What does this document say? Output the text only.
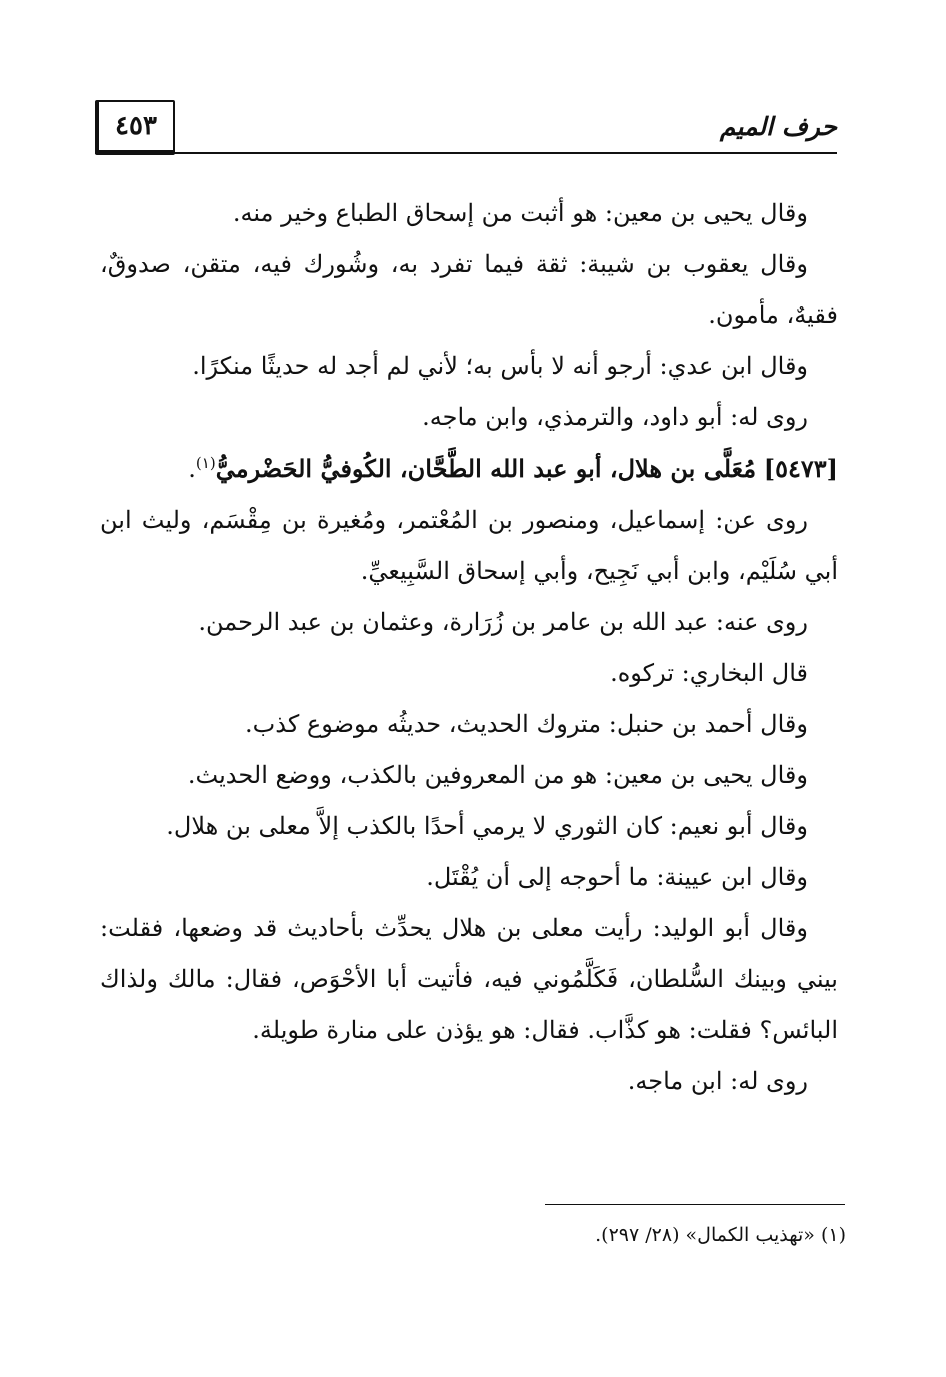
٤٥٣	حرف الميم

وقال يحيى بن معين: هو أثبت من إسحاق الطباع وخير منه.

وقال يعقوب بن شيبة: ثقة فيما تفرد به، وشُورك فيه، متقن، صدوقٌ، فقيهٌ، مأمون.

وقال ابن عدي: أرجو أنه لا بأس به؛ لأني لم أجد له حديثًا منكرًا.

روى له: أبو داود، والترمذي، وابن ماجه.

[٥٤٧٣] مُعَلَّى بن هلال، أبو عبد الله الطَّحَّان، الكُوفيُّ الحَضْرميُّ$^{(١)}$.

روى عن: إسماعيل، ومنصور بن المُعْتمر، ومُغيرة بن مِقْسَم، وليث ابن أبي سُلَيْم، وابن أبي نَجِيح، وأبي إسحاق السَّبِيعيِّ.

روى عنه: عبد الله بن عامر بن زُرَارة، وعثمان بن عبد الرحمن.

قال البخاري: تركوه.

وقال أحمد بن حنبل: متروك الحديث، حديثُه موضوع كذب.

وقال يحيى بن معين: هو من المعروفين بالكذب، ووضع الحديث.

وقال أبو نعيم: كان الثوري لا يرمي أحدًا بالكذب إلاَّ معلى بن هلال.

وقال ابن عيينة: ما أحوجه إلى أن يُقْتَل.

وقال أبو الوليد: رأيت معلى بن هلال يحدِّث بأحاديث قد وضعها، فقلت: بيني وبينك السُّلطان، فَكَلَّمُوني فيه، فأتيت أبا الأحْوَص، فقال: مالك ولذاك البائس؟ فقلت: هو كذَّاب. فقال: هو يؤذن على منارة طويلة.

روى له: ابن ماجه.

(١) «تهذيب الكمال» (٢٨/ ٢٩٧).
